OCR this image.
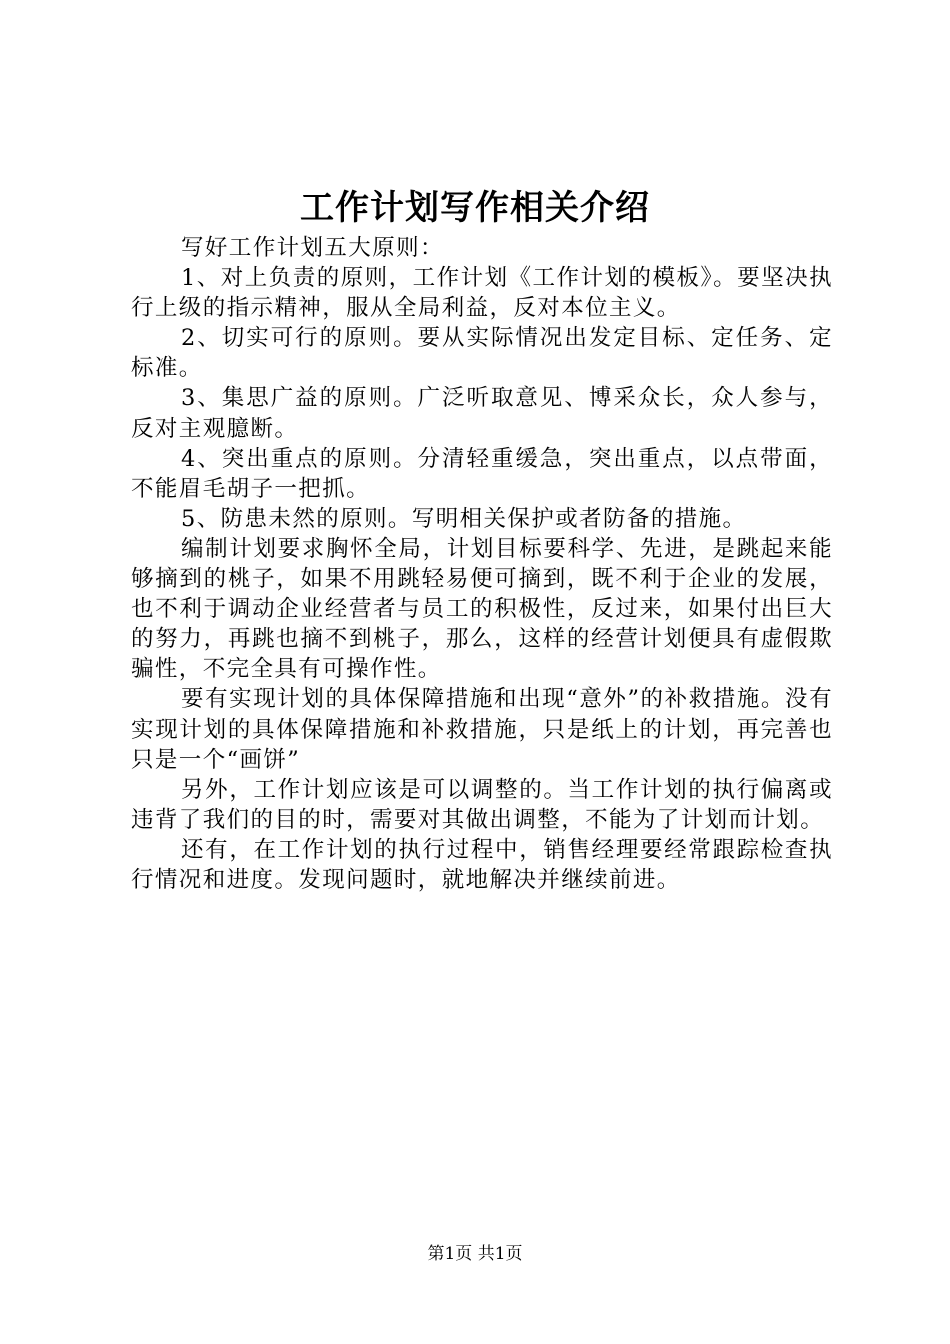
工作计划写作相关介绍

写好工作计划五大原则：

1、对上负责的原则，工作计划《工作计划的模板》。要坚决执行上级的指示精神，服从全局利益，反对本位主义。

2、切实可行的原则。要从实际情况出发定目标、定任务、定标准。

3、集思广益的原则。广泛听取意见、博采众长，众人参与，反对主观臆断。

4、突出重点的原则。分清轻重缓急，突出重点，以点带面，不能眉毛胡子一把抓。

5、防患未然的原则。写明相关保护或者防备的措施。

编制计划要求胸怀全局，计划目标要科学、先进，是跳起来能够摘到的桃子，如果不用跳轻易便可摘到，既不利于企业的发展，也不利于调动企业经营者与员工的积极性，反过来，如果付出巨大的努力，再跳也摘不到桃子，那么，这样的经营计划便具有虚假欺骗性，不完全具有可操作性。

要有实现计划的具体保障措施和出现“意外”的补救措施。没有实现计划的具体保障措施和补救措施，只是纸上的计划，再完善也只是一个“画饼”

另外，工作计划应该是可以调整的。当工作计划的执行偏离或违背了我们的目的时，需要对其做出调整，不能为了计划而计划。

还有，在工作计划的执行过程中，销售经理要经常跟踪检查执行情况和进度。发现问题时，就地解决并继续前进。

第1页 共1页
